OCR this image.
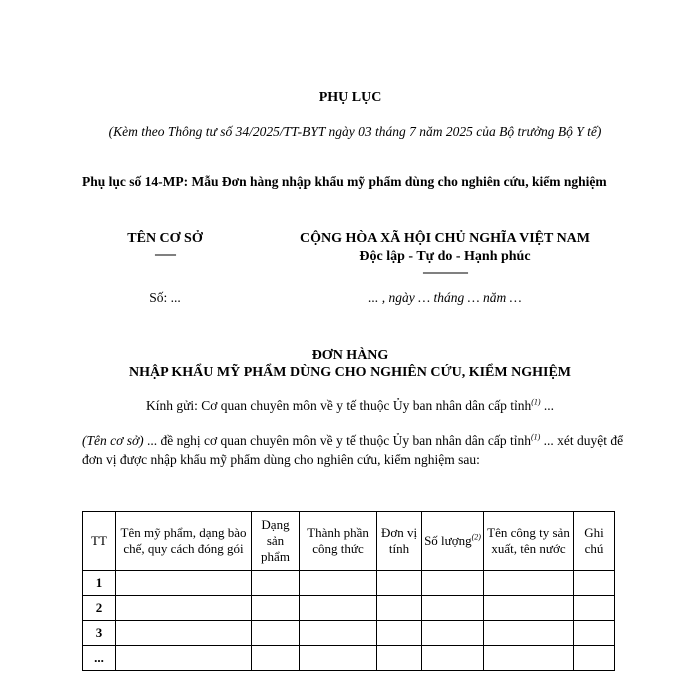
PHỤ LỤC
(Kèm theo Thông tư số 34/2025/TT-BYT ngày 03 tháng 7 năm 2025 của Bộ trưởng Bộ Y tế)
Phụ lục số 14-MP: Mẫu Đơn hàng nhập khẩu mỹ phẩm dùng cho nghiên cứu, kiểm nghiệm
TÊN CƠ SỞ
-------
CỘNG HÒA XÃ HỘI CHỦ NGHĨA VIỆT NAM
Độc lập - Tự do - Hạnh phúc
---------------
Số: ...	... , ngày … tháng … năm …
ĐƠN HÀNG
NHẬP KHẨU MỸ PHẨM DÙNG CHO NGHIÊN CỨU, KIỂM NGHIỆM
Kính gửi: Cơ quan chuyên môn về y tế thuộc Ủy ban nhân dân cấp tỉnh$^{(1)}$ ...
(Tên cơ sở) ... đề nghị cơ quan chuyên môn về y tế thuộc Ủy ban nhân dân cấp tỉnh$^{(1)}$ ... xét duyệt để đơn vị được nhập khẩu mỹ phẩm dùng cho nghiên cứu, kiểm nghiệm sau:
TT	Tên mỹ phẩm, dạng bào chế, quy cách đóng gói	Dạng sản phẩm	Thành phần công thức	Đơn vị tính	Số lượng$^{(2)}$	Tên công ty sản xuất, tên nước	Ghi chú
1							
2							
3							
...							
